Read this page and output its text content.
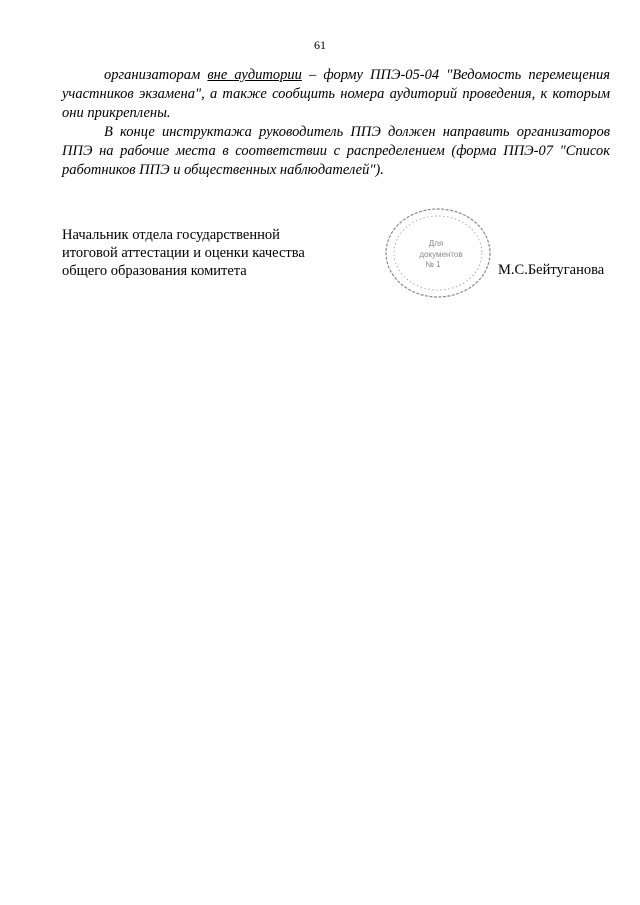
61

организаторам вне аудитории – форму ППЭ-05-04 "Ведомость перемещения участников экзамена", а также сообщить номера аудиторий проведения, к которым они прикреплены.

В конце инструктажа руководитель ППЭ должен направить организаторов ППЭ на рабочие места в соответствии с распределением (форма ППЭ-07 "Список работников ППЭ и общественных наблюдателей").

Начальник отдела государственной
итоговой аттестации и оценки качества
общего образования комитета
Для
документов
№ 1	М.С.Бейтуганова
